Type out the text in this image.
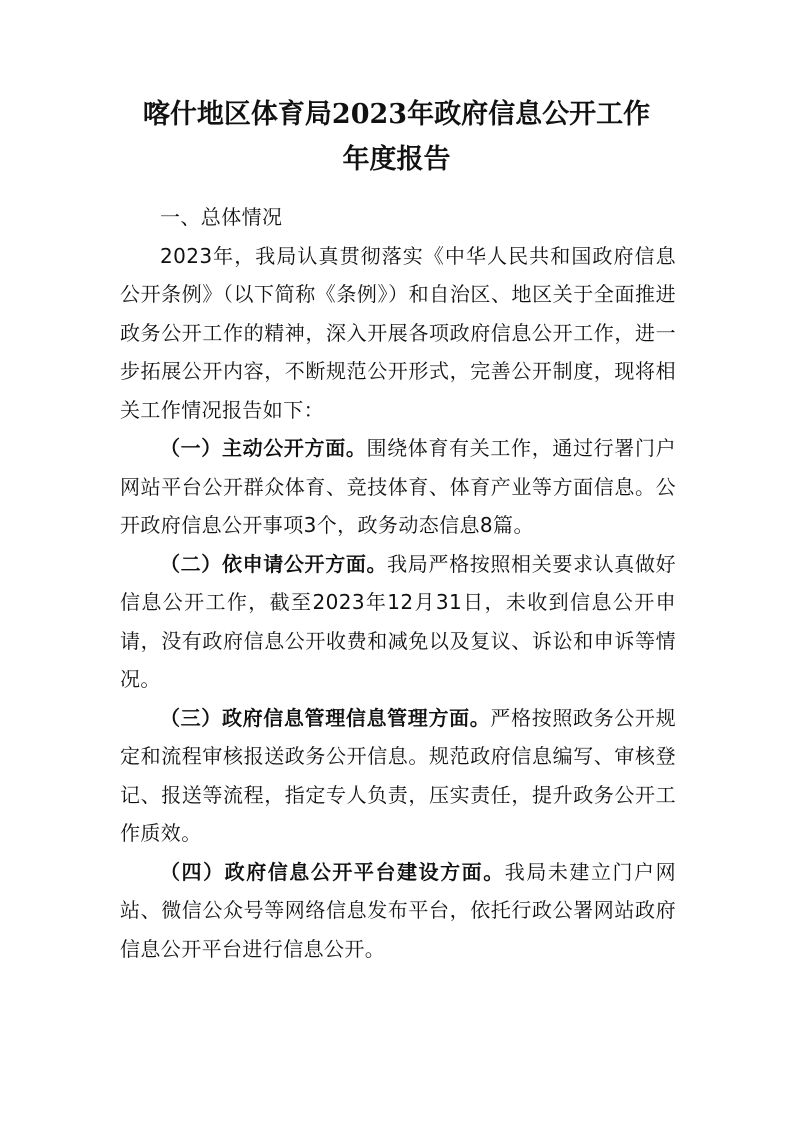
喀什地区体育局2023年政府信息公开工作
年度报告

一、总体情况

2023年，我局认真贯彻落实《中华人民共和国政府信息公开条例》（以下简称《条例》）和自治区、地区关于全面推进政务公开工作的精神，深入开展各项政府信息公开工作，进一步拓展公开内容，不断规范公开形式，完善公开制度，现将相关工作情况报告如下：

（一）主动公开方面。围绕体育有关工作，通过行署门户网站平台公开群众体育、竞技体育、体育产业等方面信息。公开政府信息公开事项3个，政务动态信息8篇。

（二）依申请公开方面。我局严格按照相关要求认真做好信息公开工作，截至2023年12月31日，未收到信息公开申请，没有政府信息公开收费和减免以及复议、诉讼和申诉等情况。

（三）政府信息管理信息管理方面。严格按照政务公开规定和流程审核报送政务公开信息。规范政府信息编写、审核登记、报送等流程，指定专人负责，压实责任，提升政务公开工作质效。

（四）政府信息公开平台建设方面。我局未建立门户网站、微信公众号等网络信息发布平台，依托行政公署网站政府信息公开平台进行信息公开。
